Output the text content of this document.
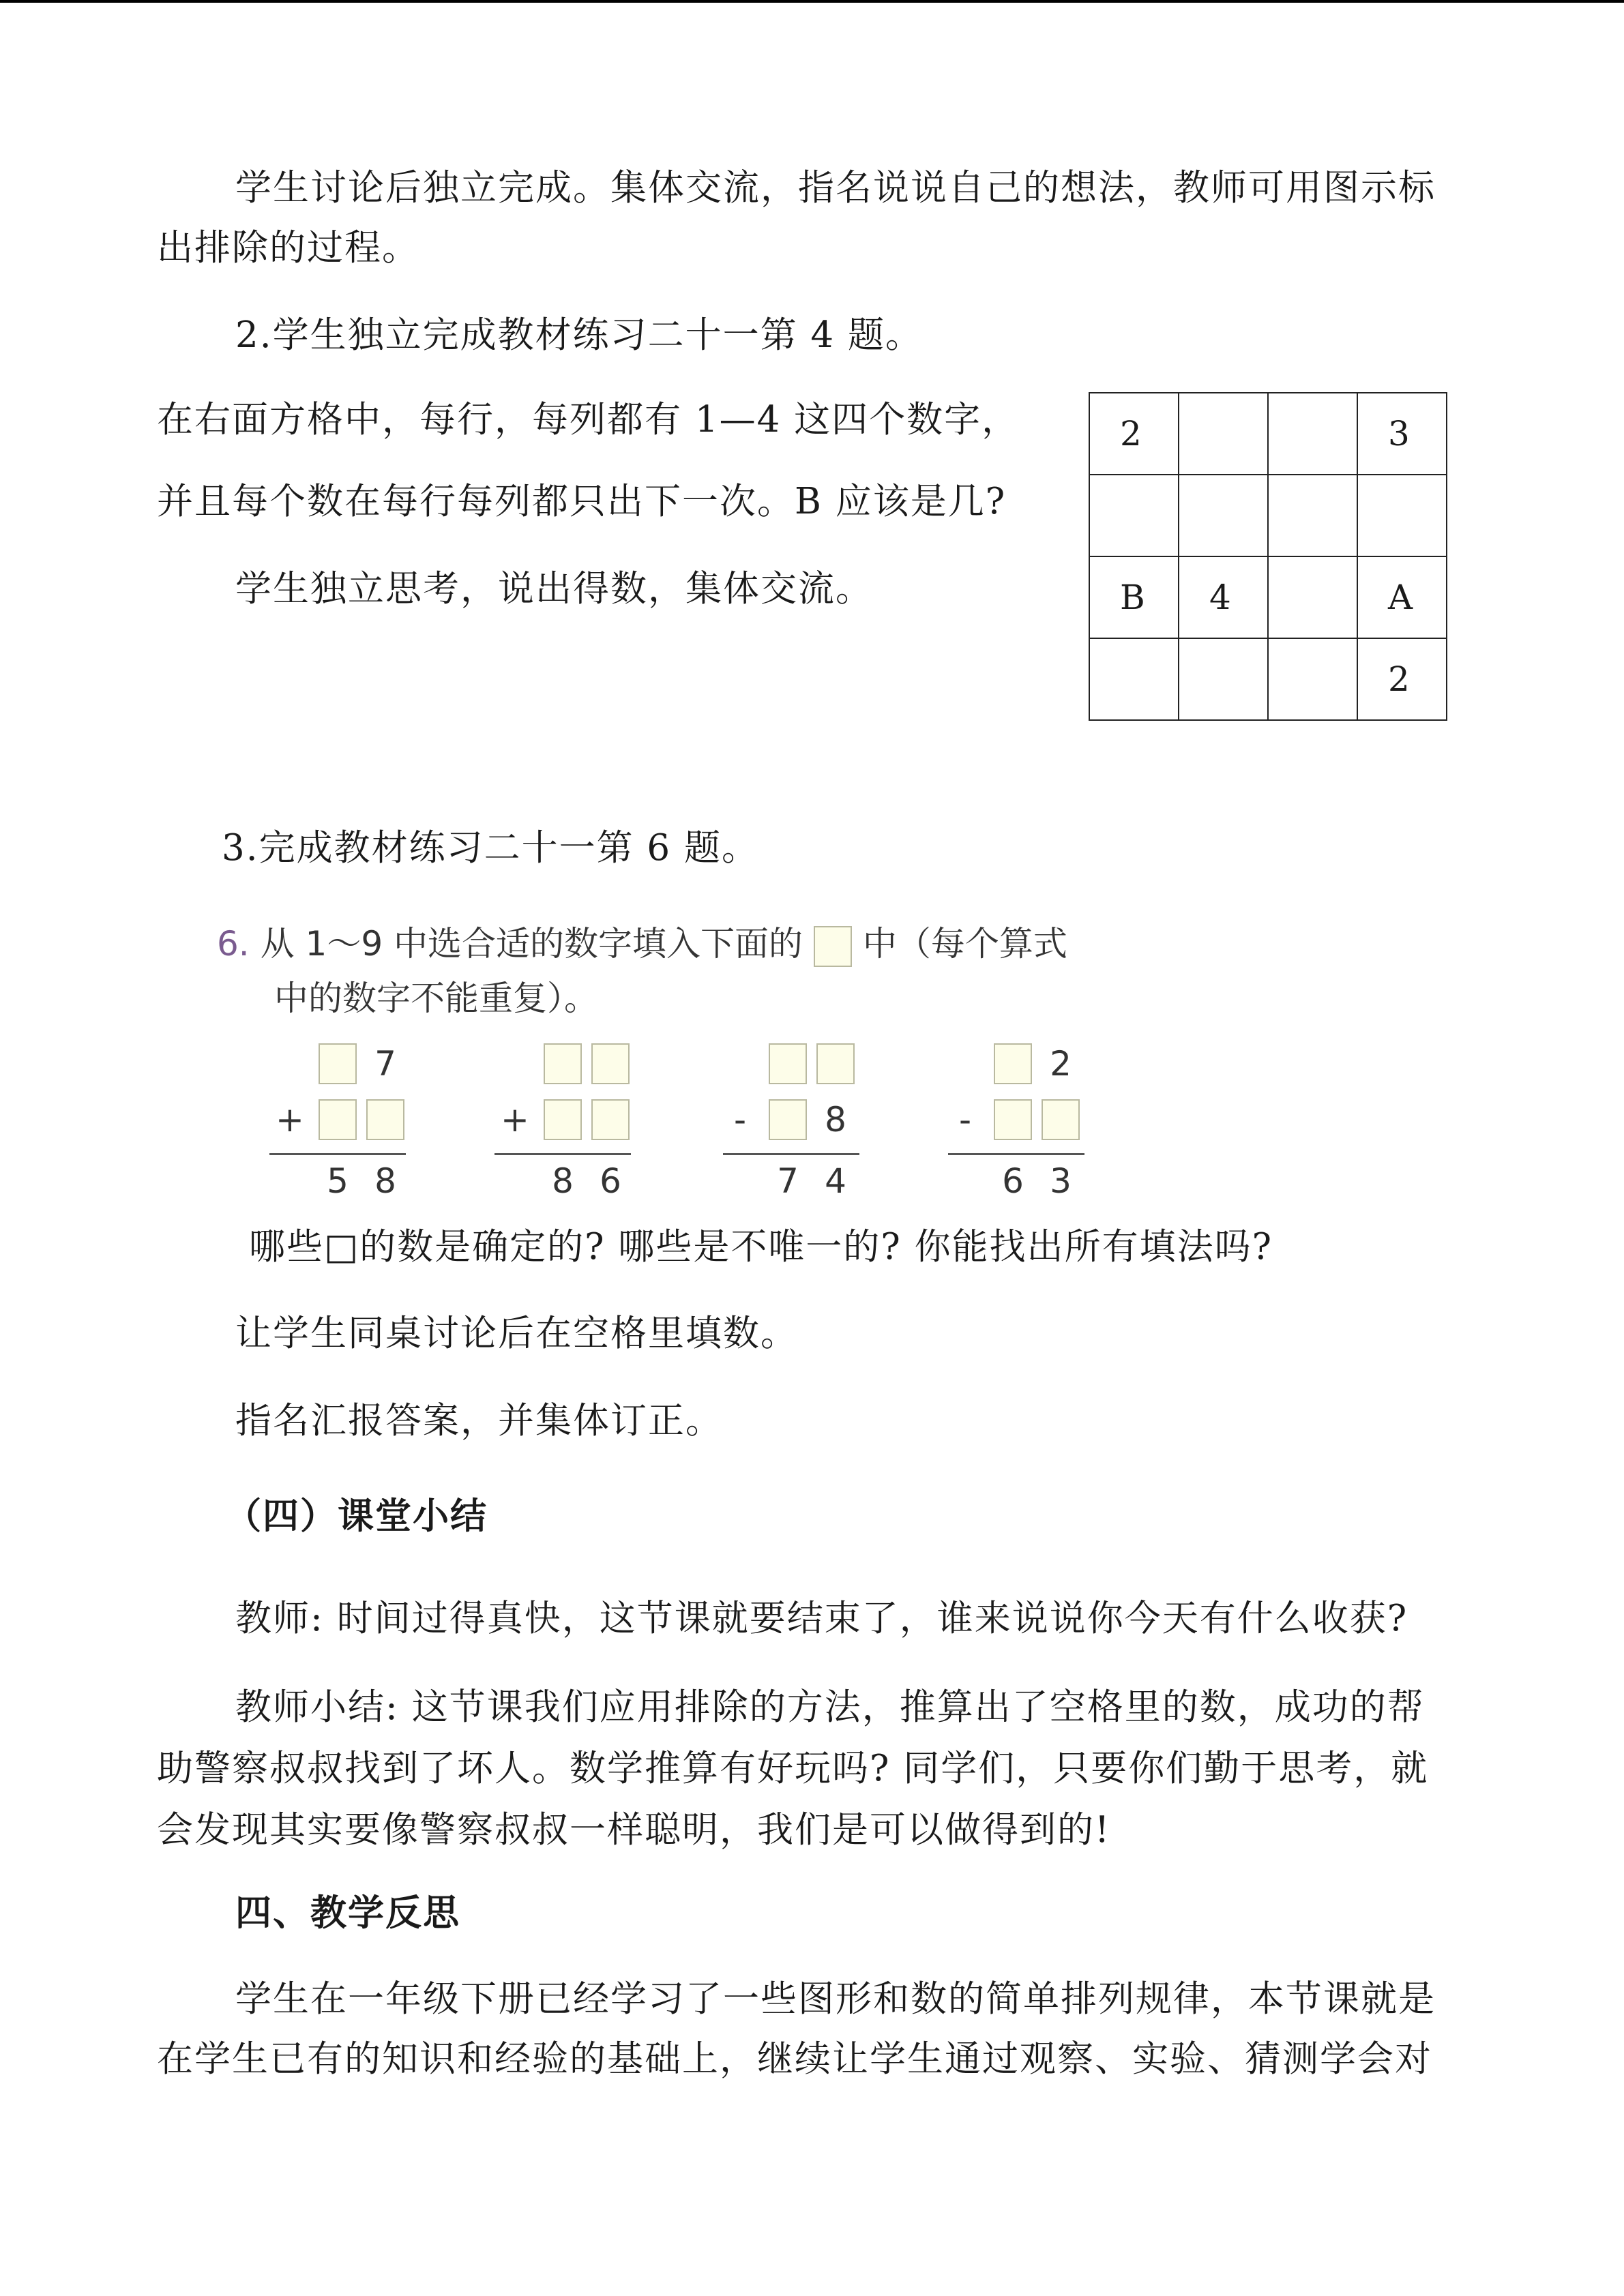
学生讨论后独立完成。集体交流，指名说说自己的想法，教师可用图示标

出排除的过程。

2.学生独立完成教材练习二十一第 4 题。

在右面方格中，每行，每列都有 1—4 这四个数字，

并且每个数在每行每列都只出下一次。B 应该是几?

学生独立思考，说出得数，集体交流。

2			3

B	4		A
			2

3.完成教材练习二十一第 6 题。

6. 从 1～9 中选合适的数字填入下面的 中（每个算式
中的数字不能重复）。
7
+
5 8
+
8 6
-	8
7 4
2
-
6 3

哪些□的数是确定的? 哪些是不唯一的? 你能找出所有填法吗?

让学生同桌讨论后在空格里填数。

指名汇报答案，并集体订正。

（四）课堂小结

教师: 时间过得真快，这节课就要结束了，谁来说说你今天有什么收获?

教师小结: 这节课我们应用排除的方法，推算出了空格里的数，成功的帮

助警察叔叔找到了坏人。数学推算有好玩吗? 同学们，只要你们勤于思考，就

会发现其实要像警察叔叔一样聪明，我们是可以做得到的!

四、教学反思

学生在一年级下册已经学习了一些图形和数的简单排列规律，本节课就是

在学生已有的知识和经验的基础上，继续让学生通过观察、实验、猜测学会对
